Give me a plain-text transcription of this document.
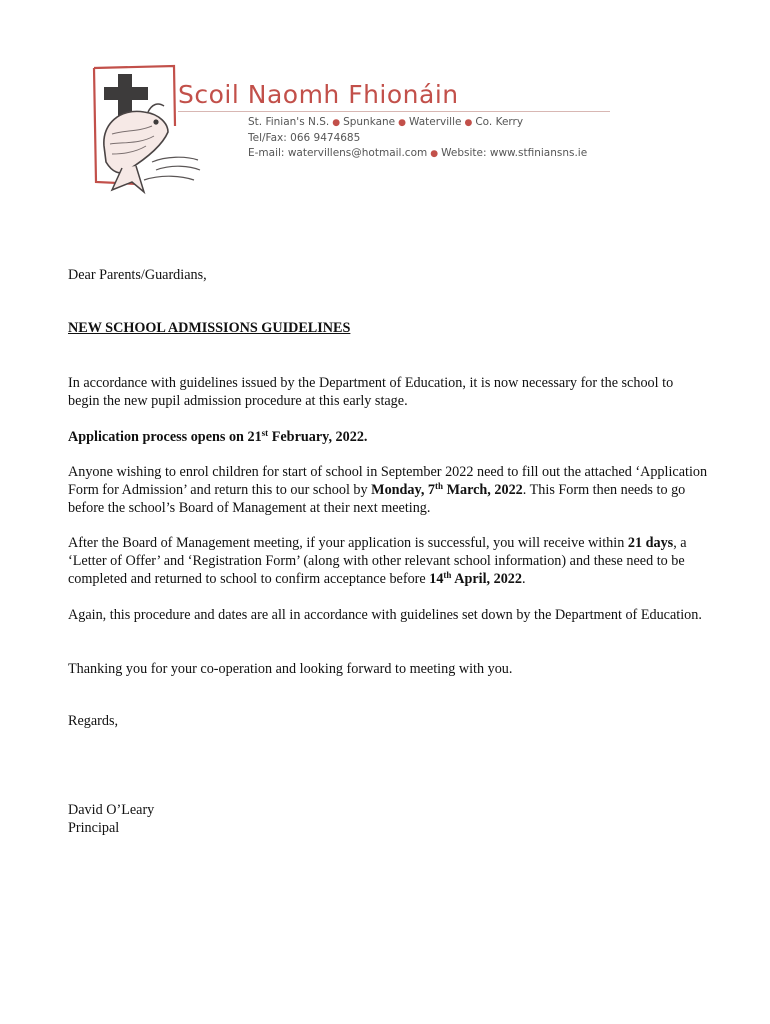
Scoil Naomh Fhionáin
St. Finian's N.S. ● Spunkane ● Waterville ● Co. Kerry
Tel/Fax: 066 9474685
E-mail: watervillens@hotmail.com ● Website: www.stfiniansns.ie
Dear Parents/Guardians,
NEW SCHOOL ADMISSIONS GUIDELINES
In accordance with guidelines issued by the Department of Education, it is now necessary for the school to begin the new pupil admission procedure at this early stage.
Application process opens on 21st February, 2022.
Anyone wishing to enrol children for start of school in September 2022 need to fill out the attached ‘Application Form for Admission’ and return this to our school by Monday, 7th March, 2022. This Form then needs to go before the school’s Board of Management at their next meeting.
After the Board of Management meeting, if your application is successful, you will receive within 21 days, a ‘Letter of Offer’ and ‘Registration Form’ (along with other relevant school information) and these need to be completed and returned to school to confirm acceptance before 14th April, 2022.
Again, this procedure and dates are all in accordance with guidelines set down by the Department of Education.
Thanking you for your co-operation and looking forward to meeting with you.
Regards,
David O’Leary
Principal
